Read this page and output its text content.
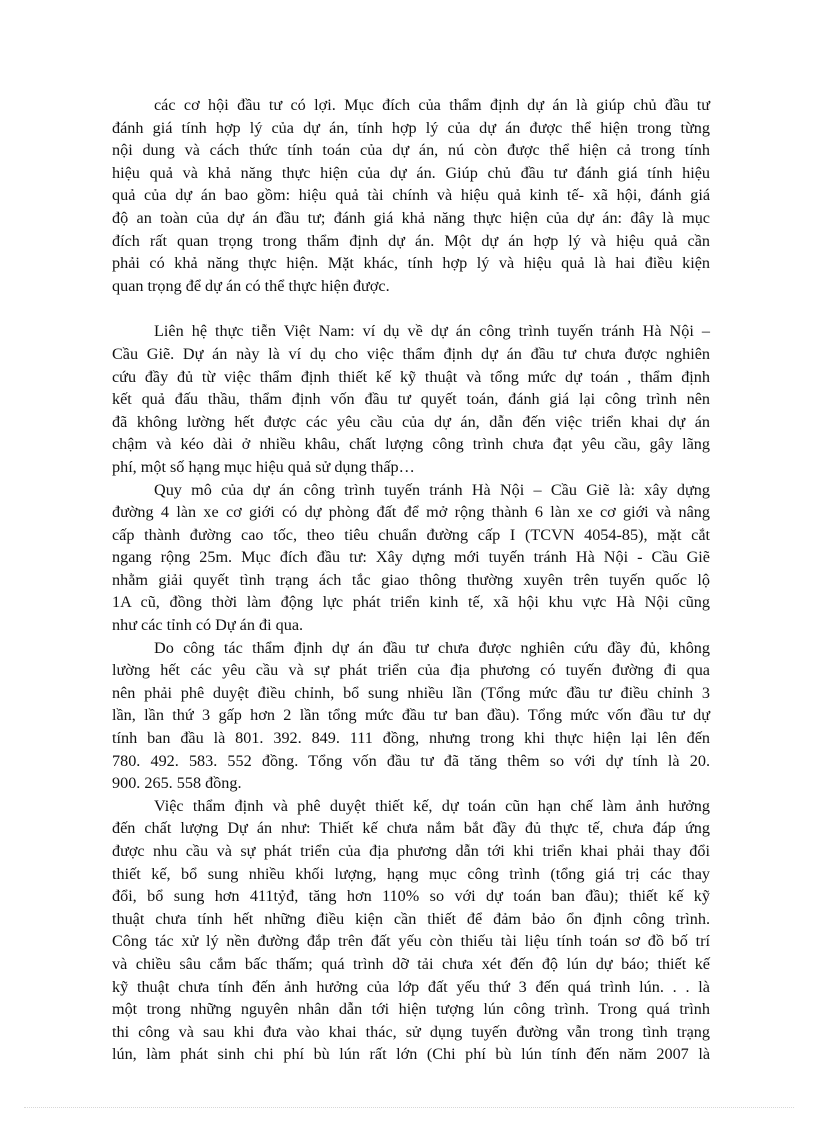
các cơ hội đầu tư có lợi. Mục đích của thẩm định dự án là giúp chủ đầu tư
đánh giá tính hợp lý của dự án, tính hợp lý của dự án được thể hiện trong từng
nội dung và cách thức tính toán của dự án, nú còn được thể hiện cả trong tính
hiệu quả và khả năng thực hiện của dự án. Giúp chủ đầu tư đánh giá tính hiệu
quả của dự án bao gồm: hiệu quả tài chính và hiệu quả kinh tế- xã hội, đánh giá
độ an toàn của dự án đầu tư; đánh giá khả năng thực hiện của dự án: đây là mục
đích rất quan trọng trong thẩm định dự án. Một dự án hợp lý và hiệu quả cần
phải có khả năng thực hiện. Mặt khác, tính hợp lý và hiệu quả là hai điều kiện
quan trọng để dự án có thể thực hiện được.
Liên hệ thực tiễn Việt Nam: ví dụ về dự án công trình tuyến tránh Hà Nội –
Cầu Giẽ. Dự án này là ví dụ cho việc thẩm định dự án đầu tư chưa được nghiên
cứu đầy đủ từ việc thẩm định thiết kế kỹ thuật và tổng mức dự toán , thẩm định
kết quả đấu thầu, thẩm định vốn đầu tư quyết toán, đánh giá lại công trình nên
đã không lường hết được các yêu cầu của dự án, dẫn đến việc triển khai dự án
chậm và kéo dài ở nhiều khâu, chất lượng công trình chưa đạt yêu cầu, gây lãng
phí, một số hạng mục hiệu quả sử dụng thấp…
Quy mô của dự án công trình tuyến tránh Hà Nội – Cầu Giẽ là: xây dựng
đường 4 làn xe cơ giới có dự phòng đất để mở rộng thành 6 làn xe cơ giới và nâng
cấp thành đường cao tốc, theo tiêu chuẩn đường cấp I (TCVN 4054-85), mặt cắt
ngang rộng 25m. Mục đích đầu tư: Xây dựng mới tuyến tránh Hà Nội - Cầu Giẽ
nhằm giải quyết tình trạng ách tắc giao thông thường xuyên trên tuyến quốc lộ
1A cũ, đồng thời làm động lực phát triển kinh tế, xã hội khu vực Hà Nội cũng
như các tỉnh có Dự án đi qua.
Do công tác thẩm định dự án đầu tư chưa được nghiên cứu đầy đủ, không
lường hết các yêu cầu và sự phát triển của địa phương có tuyến đường đi qua
nên phải phê duyệt điều chỉnh, bổ sung nhiều lần (Tổng mức đầu tư điều chỉnh 3
lần, lần thứ 3 gấp hơn 2 lần tổng mức đầu tư ban đầu). Tổng mức vốn đầu tư dự
tính ban đầu là 801. 392. 849. 111 đồng, nhưng trong khi thực hiện lại lên đến
780. 492. 583. 552 đồng. Tổng vốn đầu tư đã tăng thêm so với dự tính là 20.
900. 265. 558 đồng.
Việc thẩm định và phê duyệt thiết kế, dự toán cũn hạn chế làm ảnh hưởng
đến chất lượng Dự án như: Thiết kế chưa nắm bắt đầy đủ thực tế, chưa đáp ứng
được nhu cầu và sự phát triển của địa phương dẫn tới khi triển khai phải thay đổi
thiết kế, bổ sung nhiều khối lượng, hạng mục công trình (tổng giá trị các thay
đổi, bổ sung hơn 411tỷđ, tăng hơn 110% so với dự toán ban đầu); thiết kế kỹ
thuật chưa tính hết những điều kiện cần thiết để đảm bảo ổn định công trình.
Công tác xử lý nền đường đắp trên đất yếu còn thiếu tài liệu tính toán sơ đồ bố trí
và chiều sâu cắm bấc thấm; quá trình dỡ tải chưa xét đến độ lún dự báo; thiết kế
kỹ thuật chưa tính đến ảnh hưởng của lớp đất yếu thứ 3 đến quá trình lún. . . là
một trong những nguyên nhân dẫn tới hiện tượng lún công trình. Trong quá trình
thi công và sau khi đưa vào khai thác, sử dụng tuyến đường vẫn trong tình trạng
lún, làm phát sinh chi phí bù lún rất lớn (Chi phí bù lún tính đến năm 2007 là
